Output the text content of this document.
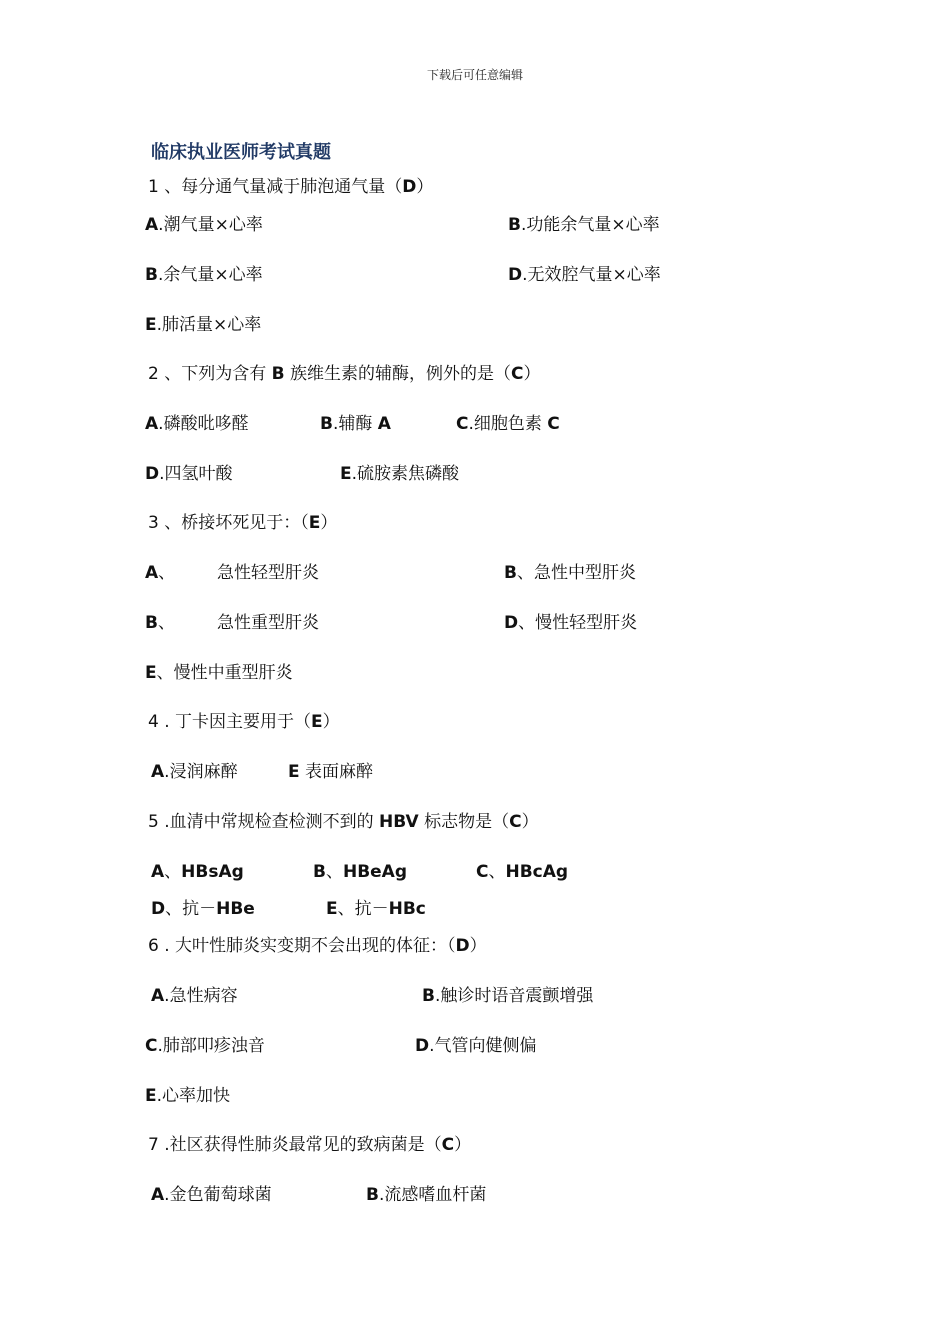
下载后可任意编辑
临床执业医师考试真题
1 、每分通气量减于肺泡通气量（D）
A.潮气量×心率	B.功能余气量×心率
B.余气量×心率	D.无效腔气量×心率
E.肺活量×心率
2 、下列为含有 B 族维生素的辅酶，例外的是（C）
A.磷酸吡哆醛	B.辅酶 A	C.细胞色素 C
D.四氢叶酸	E.硫胺素焦磷酸
3 、桥接坏死见于：（E）
A、 急性轻型肝炎	B、急性中型肝炎
B、 急性重型肝炎	D、慢性轻型肝炎
E、慢性中重型肝炎
4 . 丁卡因主要用于（E）
A.浸润麻醉	E 表面麻醉
5 .血清中常规检查检测不到的 HBV 标志物是（C）
A、HBsAg	B、HBeAg	C、HBcAg
D、抗－HBe	E、抗－HBc
6 . 大叶性肺炎实变期不会出现的体征：（D）
A.急性病容	B.触诊时语音震颤增强
C.肺部叩疹浊音	D.气管向健侧偏
E.心率加快
7 .社区获得性肺炎最常见的致病菌是（C）
A.金色葡萄球菌	B.流感嗜血杆菌
